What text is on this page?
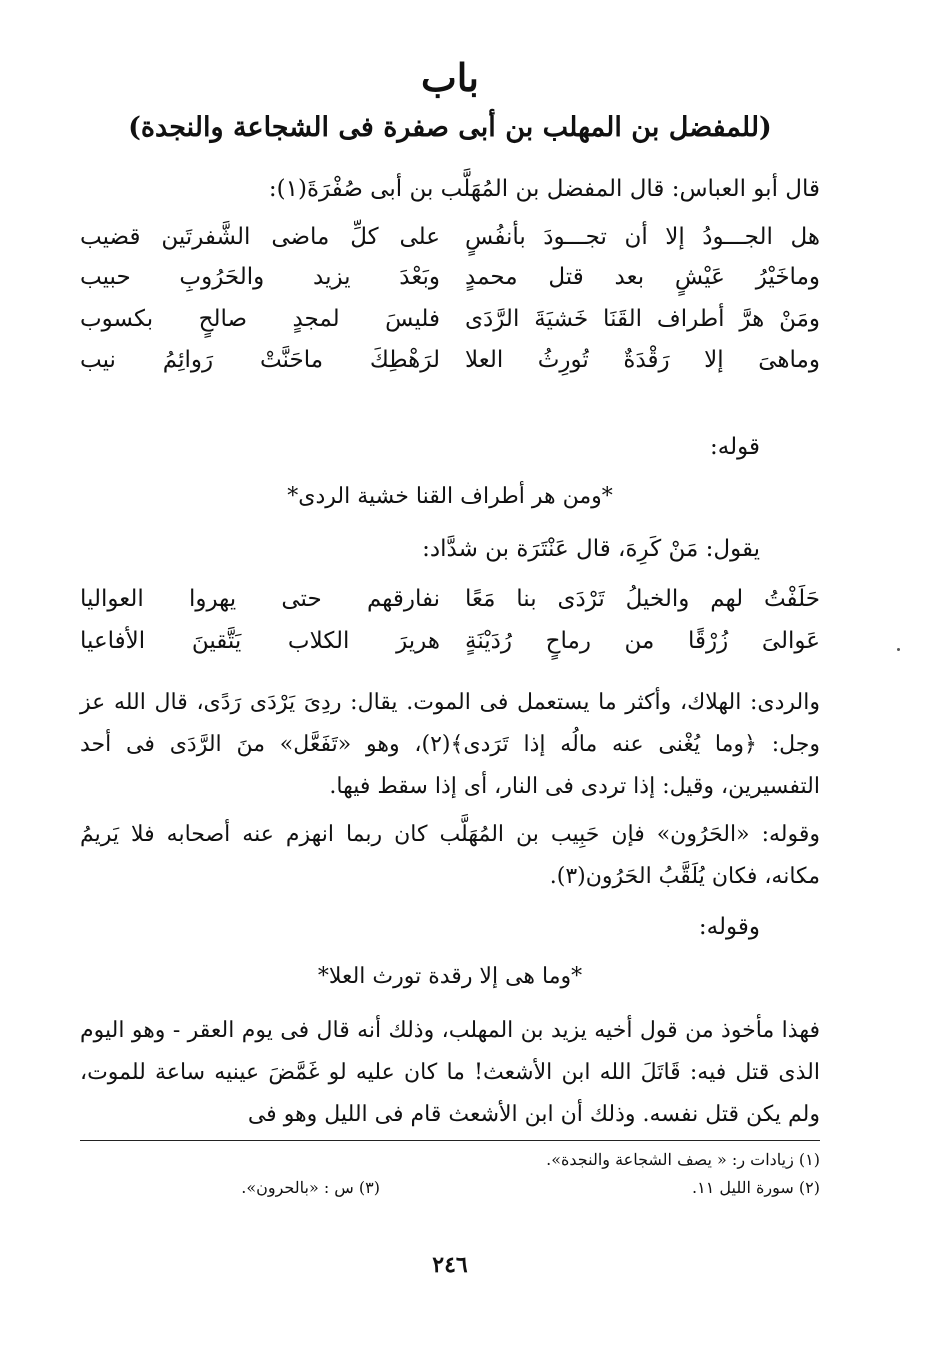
باب
(للمفضل بن المهلب بن أبى صفرة فى الشجاعة والنجدة)
قال أبو العباس: قال المفضل بن المُهَلَّب بن أبى صُفْرَةَ(١):
هل الجـــودُ إلا أن تجـــودَ بأنفُسٍ
على كلِّ ماضى الشَّفرتَين قضيب
وماخَيْرُ عَيْشٍ بعد قتل محمدٍ
وبَعْدَ يزيد والحَرُوبِ حبيب
ومَنْ هرَّ أطراف القَنَا خَشيَةَ الرَّدَى
فليسَ لمجدٍ صالحٍ بكسوب
وماهىَ إلا رَقْدَةٌ تُورِثُ العلا
لرَهْطِكَ ماحَنَّتْ رَوائِمُ نيب
قوله:
*ومن هر أطراف القنا خشية الردى*
يقول: مَنْ كَرِهَ، قال عَنْتَرَة بن شدَّاد:
حَلَفْتُ لهم والخيلُ تَرْدَى بنا مَعًا
نفارقهم حتى يهروا العواليا
عَوالىَ زُرْقًا من رماحٍ رُدَيْنَةٍ
هريرَ الكلاب يَتَّقينَ الأفاعيا
والردى: الهلاك، وأكثر ما يستعمل فى الموت. يقال: ردِىَ يَرْدَى رَدًى، قال الله عز وجل: ﴿وما يُغْنى عنه مالُه إذا تَرَدى﴾(٢)، وهو «تَفَعَّل» منَ الرَّدَى فى أحد التفسيرين، وقيل: إذا تردى فى النار، أى إذا سقط فيها.
وقوله: «الحَرُون» فإن حَبِيب بن المُهَلَّب كان ربما انهزم عنه أصحابه فلا يَريمُ مكانه، فكان يُلَقَّبُ الحَرُون(٣).
وقوله:
*وما هى إلا رقدة تورث العلا*
فهذا مأخوذ من قول أخيه يزيد بن المهلب، وذلك أنه قال فى يوم العقر - وهو اليوم الذى قتل فيه: قَاتَلَ الله ابن الأشعث! ما كان عليه لو غَمَّضَ عينيه ساعة للموت، ولم يكن قتل نفسه. وذلك أن ابن الأشعث قام فى الليل وهو فى
(١) زيادات ر: « يصف الشجاعة والنجدة».
(٢) سورة الليل ١١.
(٣) س : «بالحرون».
٢٤٦
